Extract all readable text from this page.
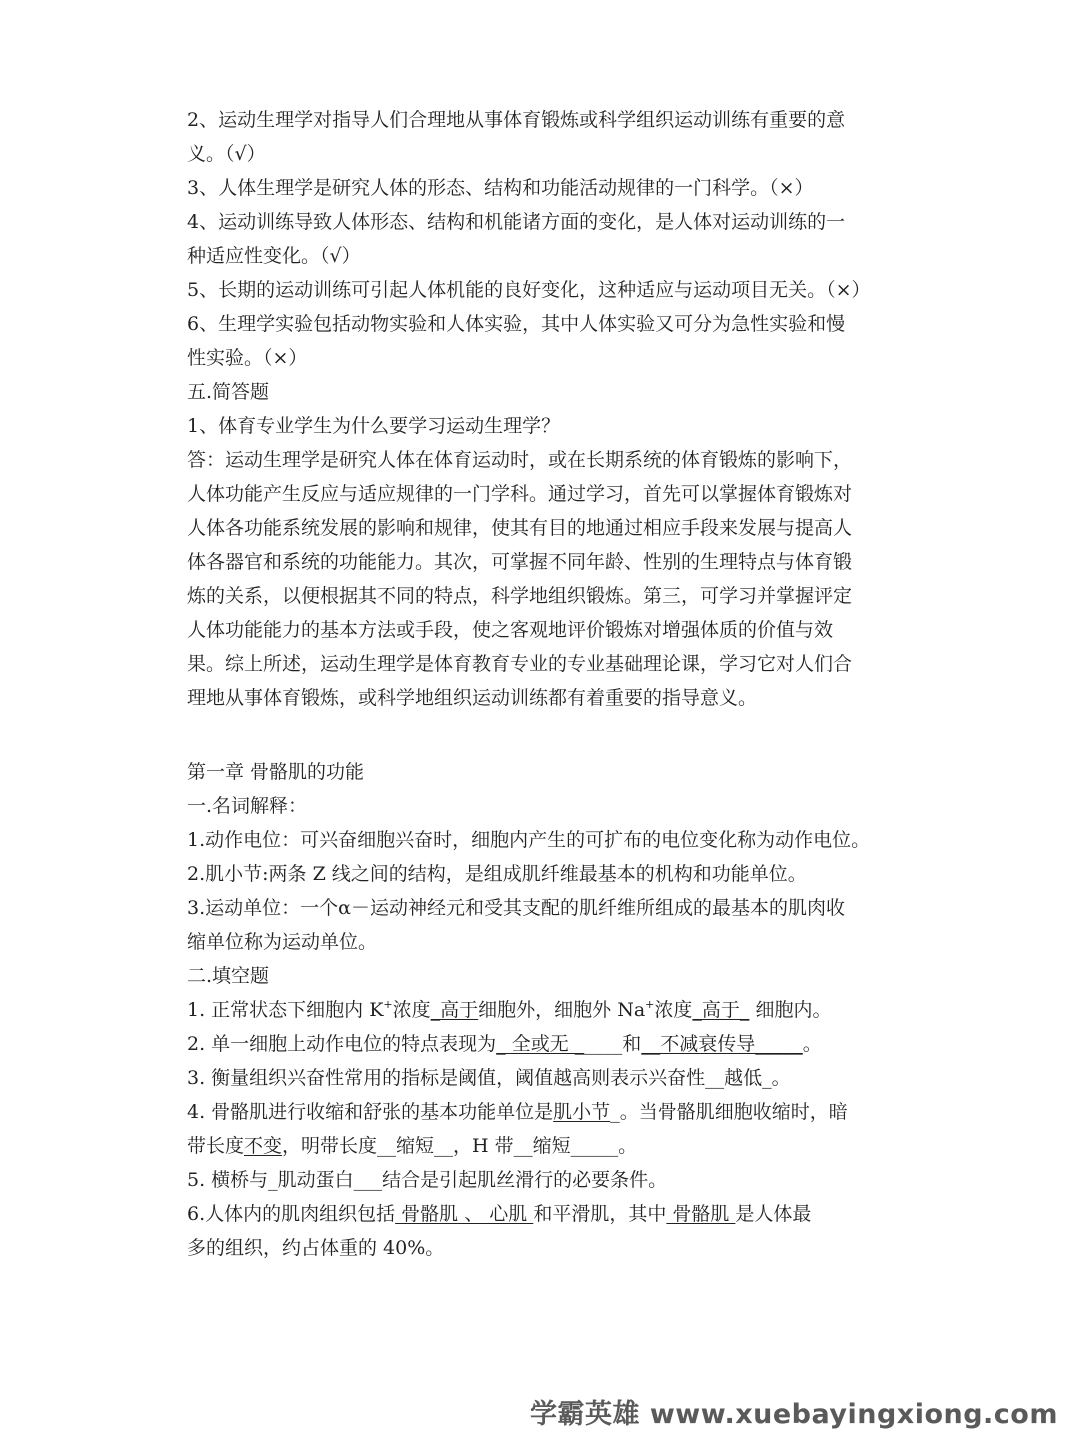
2、运动生理学对指导人们合理地从事体育锻炼或科学组织运动训练有重要的意
义。（√）
3、人体生理学是研究人体的形态、结构和功能活动规律的一门科学。（×）
4、运动训练导致人体形态、结构和机能诸方面的变化，是人体对运动训练的一
种适应性变化。（√）
5、长期的运动训练可引起人体机能的良好变化，这种适应与运动项目无关。（×）
6、生理学实验包括动物实验和人体实验，其中人体实验又可分为急性实验和慢
性实验。（×）
五.简答题
1、体育专业学生为什么要学习运动生理学？
答：运动生理学是研究人体在体育运动时，或在长期系统的体育锻炼的影响下，
人体功能产生反应与适应规律的一门学科。通过学习，首先可以掌握体育锻炼对
人体各功能系统发展的影响和规律，使其有目的地通过相应手段来发展与提高人
体各器官和系统的功能能力。其次，可掌握不同年龄、性别的生理特点与体育锻
炼的关系，以便根据其不同的特点，科学地组织锻炼。第三，可学习并掌握评定
人体功能能力的基本方法或手段，使之客观地评价锻炼对增强体质的价值与效
果。综上所述，运动生理学是体育教育专业的专业基础理论课，学习它对人们合
理地从事体育锻炼，或科学地组织运动训练都有着重要的指导意义。
第一章 骨骼肌的功能
一.名词解释：
1.动作电位：可兴奋细胞兴奋时，细胞内产生的可扩布的电位变化称为动作电位。
2.肌小节:两条 Z 线之间的结构，是组成肌纤维最基本的机构和功能单位。
3.运动单位：一个α－运动神经元和受其支配的肌纤维所组成的最基本的肌肉收
缩单位称为运动单位。
二.填空题
1. 正常状态下细胞内 K+浓度_高于细胞外，细胞外 Na+浓度_高于_ 细胞内。
2. 单一细胞上动作电位的特点表现为_ 全或无 _____和__不减衰传导_____。
3. 衡量组织兴奋性常用的指标是阈值，阈值越高则表示兴奋性__越低_。
4. 骨骼肌进行收缩和舒张的基本功能单位是肌小节_。当骨骼肌细胞收缩时，暗
带长度不变，明带长度__缩短__，H 带__缩短_____。
5. 横桥与_肌动蛋白___结合是引起肌丝滑行的必要条件。
6.人体内的肌肉组织包括 骨骼肌 、 心肌 和平滑肌，其中 骨骼肌 是人体最
多的组织，约占体重的 40%。
学霸英雄 www.xuebayingxiong.com
